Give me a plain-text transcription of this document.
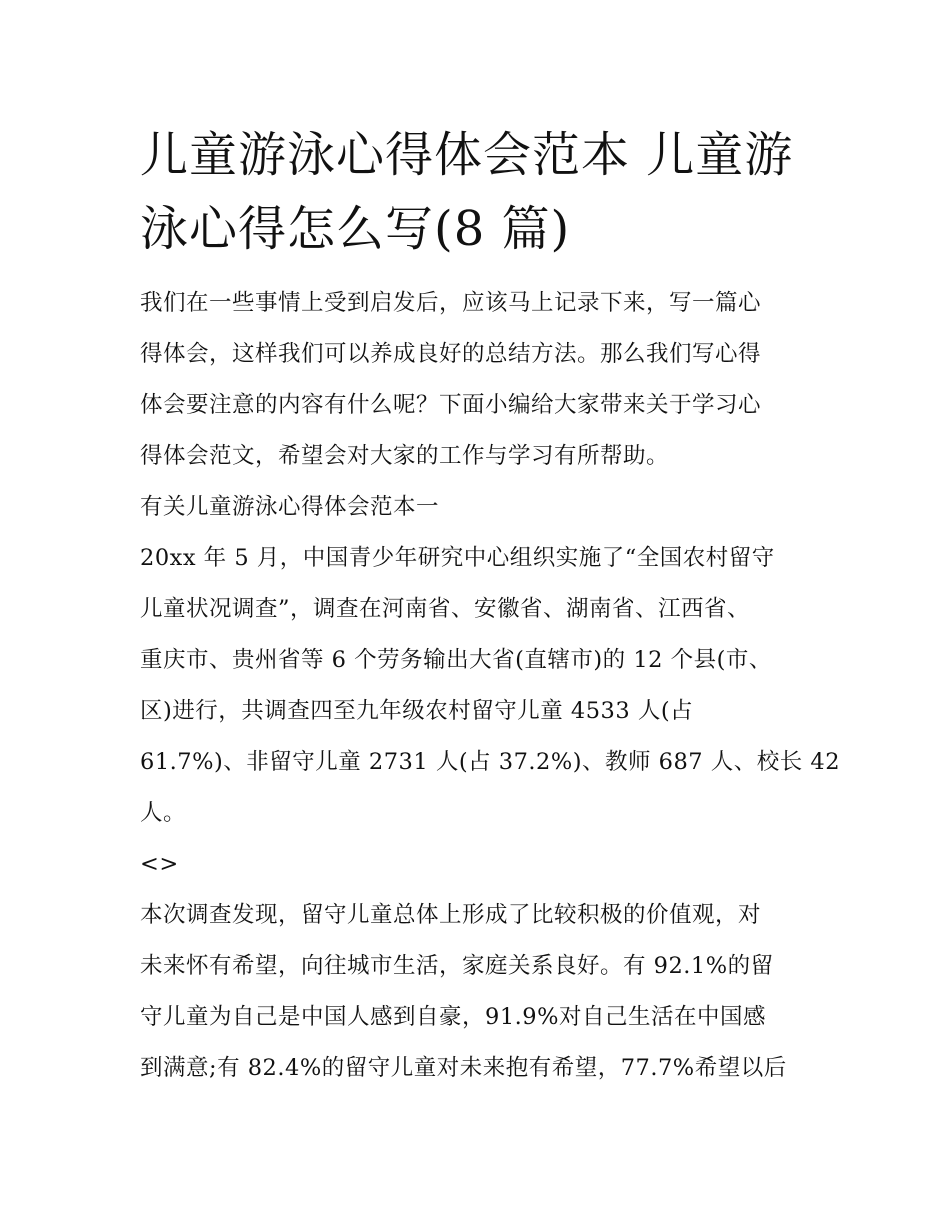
儿童游泳心得体会范本 儿童游
泳心得怎么写(8 篇)
我们在一些事情上受到启发后，应该马上记录下来，写一篇心
得体会，这样我们可以养成良好的总结方法。那么我们写心得
体会要注意的内容有什么呢？下面小编给大家带来关于学习心
得体会范文，希望会对大家的工作与学习有所帮助。
有关儿童游泳心得体会范本一
20xx 年 5 月，中国青少年研究中心组织实施了“全国农村留守
儿童状况调查”，调查在河南省、安徽省、湖南省、江西省、
重庆市、贵州省等 6 个劳务输出大省(直辖市)的 12 个县(市、
区)进行，共调查四至九年级农村留守儿童 4533 人(占
61.7%)、非留守儿童 2731 人(占 37.2%)、教师 687 人、校长 42
人。
<>
本次调查发现，留守儿童总体上形成了比较积极的价值观，对
未来怀有希望，向往城市生活，家庭关系良好。有 92.1%的留
守儿童为自己是中国人感到自豪，91.9%对自己生活在中国感
到满意;有 82.4%的留守儿童对未来抱有希望，77.7%希望以后
